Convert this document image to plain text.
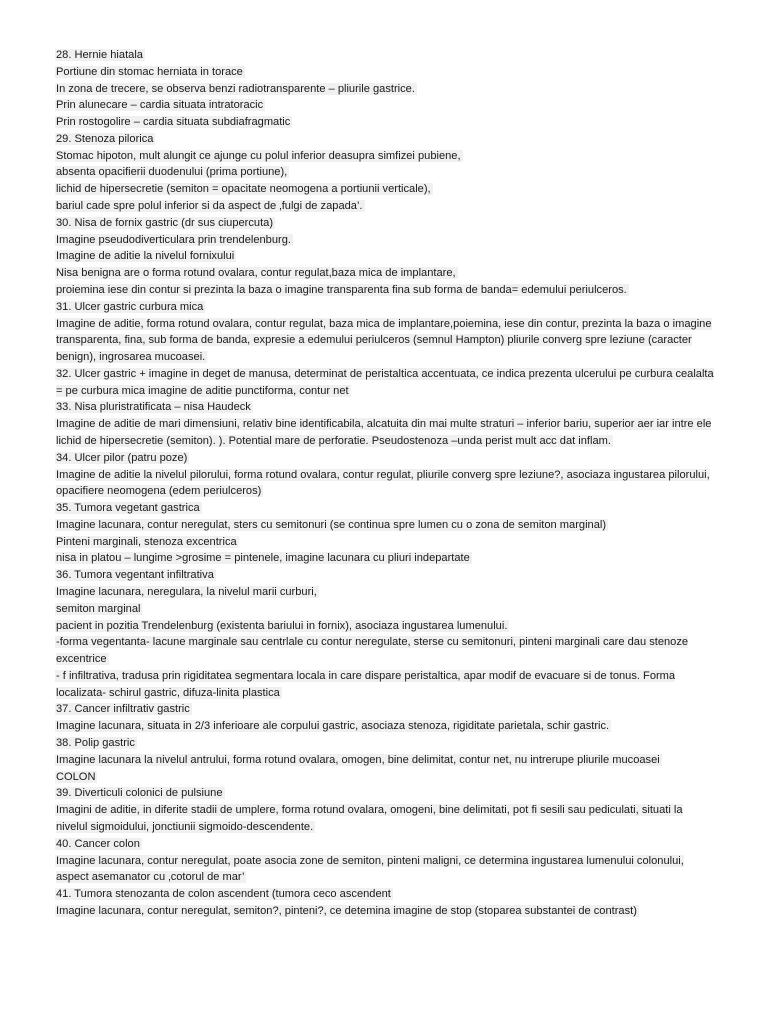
28. Hernie hiatala
Portiune din stomac herniata in torace
In zona de trecere, se observa benzi radiotransparente – pliurile gastrice.
Prin alunecare – cardia situata intratoracic
Prin rostogolire – cardia situata subdiafragmatic
29. Stenoza pilorica
Stomac hipoton, mult alungit ce ajunge cu polul inferior deasupra simfizei pubiene,
absenta opacifierii duodenului (prima portiune),
lichid de hipersecretie (semiton = opacitate neomogena a portiunii verticale),
bariul cade spre polul inferior si da aspect de ‚fulgi de zapada’.
30. Nisa de fornix gastric (dr sus ciupercuta)
Imagine pseudodiverticulara prin trendelenburg.
Imagine de aditie la nivelul fornixului
Nisa benigna are o forma rotund ovalara, contur regulat,baza mica de implantare,
proiemina iese din contur si prezinta la baza o imagine transparenta fina sub forma de banda= edemului periulceros.
31. Ulcer gastric curbura mica
Imagine de aditie, forma rotund ovalara, contur regulat, baza mica de implantare,poiemina, iese din contur, prezinta la baza o imagine transparenta, fina, sub forma de banda, expresie a edemului periulceros (semnul Hampton) pliurile converg spre leziune (caracter benign), ingrosarea mucoasei.
32. Ulcer gastric + imagine in deget de manusa, determinat de peristaltica accentuata, ce indica prezenta ulcerului pe curbura cealalta = pe curbura mica imagine de aditie punctiforma, contur net
33. Nisa pluristratificata – nisa Haudeck
Imagine de aditie de mari dimensiuni, relativ bine identificabila, alcatuita din mai multe straturi – inferior bariu, superior aer iar intre ele lichid de hipersecretie (semiton). ). Potential mare de perforatie. Pseudostenoza –unda perist mult acc dat inflam.
34. Ulcer pilor (patru poze)
Imagine de aditie la nivelul pilorului, forma rotund ovalara, contur regulat, pliurile converg spre leziune?, asociaza ingustarea pilorului, opacifiere neomogena (edem periulceros)
35. Tumora vegetant gastrica
Imagine lacunara, contur neregulat, sters cu semitonuri (se continua spre lumen cu o zona de semiton marginal)
Pinteni marginali, stenoza excentrica
nisa in platou – lungime >grosime = pintenele, imagine lacunara cu pliuri indepartate
36. Tumora vegentant infiltrativa
Imagine lacunara, neregulara, la nivelul marii curburi,
semiton marginal
pacient in pozitia Trendelenburg (existenta bariului in fornix), asociaza ingustarea lumenului.
-forma vegentanta- lacune marginale sau centrlale cu contur neregulate, sterse cu semitonuri, pinteni marginali care dau stenoze excentrice
- f infiltrativa, tradusa prin rigiditatea segmentara locala in care dispare peristaltica, apar modif de evacuare si de tonus. Forma localizata- schirul gastric, difuza-linita plastica
37. Cancer infiltrativ gastric
Imagine lacunara, situata in 2/3 inferioare ale corpului gastric, asociaza stenoza, rigiditate parietala, schir gastric.
38. Polip gastric
Imagine lacunara la nivelul antrului, forma rotund ovalara, omogen, bine delimitat, contur net, nu intrerupe pliurile mucoasei
COLON
39. Diverticuli colonici de pulsiune
Imagini de aditie, in diferite stadii de umplere, forma rotund ovalara, omogeni, bine delimitati, pot fi sesili sau pediculati, situati la nivelul sigmoidului, jonctiunii sigmoido-descendente.
40. Cancer colon
Imagine lacunara, contur neregulat, poate asocia zone de semiton, pinteni maligni, ce determina ingustarea lumenului colonului, aspect asemanator cu ‚cotorul de mar’
41. Tumora stenozanta de colon ascendent (tumora ceco ascendent
Imagine lacunara, contur neregulat, semiton?, pinteni?, ce detemina imagine de stop (stoparea substantei de contrast)
